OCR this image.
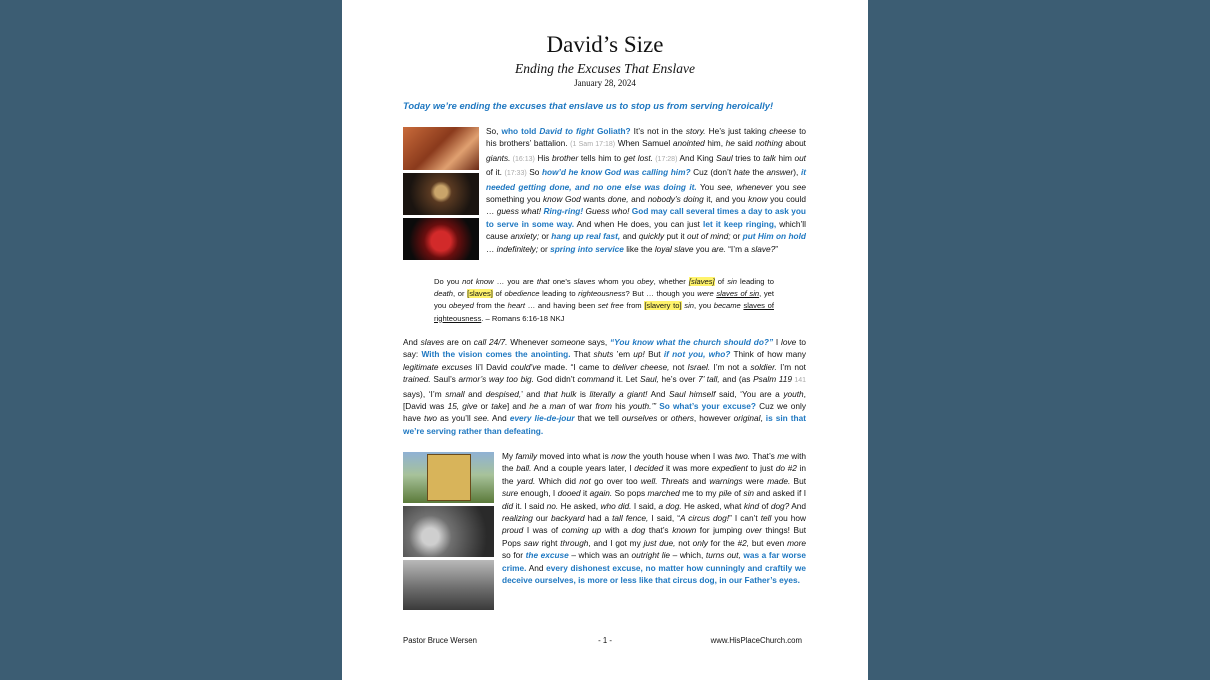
David’s Size
Ending the Excuses That Enslave
January 28, 2024
Today we’re ending the excuses that enslave us to stop us from serving heroically!
So, who told David to fight Goliath? It’s not in the story. He’s just taking cheese to his brothers’ battalion. (1 Sam 17:18) When Samuel anointed him, he said nothing about giants. (16:13) His brother tells him to get lost. (17:28) And King Saul tries to talk him out of it. (17:33) So how’d he know God was calling him? Cuz (don’t hate the answer), it needed getting done, and no one else was doing it. You see, whenever you see something you know God wants done, and nobody’s doing it, and you know you could … guess what! Ring-ring! Guess who! God may call several times a day to ask you to serve in some way. And when He does, you can just let it keep ringing, which’ll cause anxiety; or hang up real fast, and quickly put it out of mind; or put Him on hold … indefinitely; or spring into service like the loyal slave you are. “I’m a slave?”
Do you not know … you are that one’s slaves whom you obey, whether [slaves] of sin leading to death, or [slaves] of obedience leading to righteousness? But … though you were slaves of sin, yet you obeyed from the heart … and having been set free from [slavery to] sin, you became slaves of righteousness. – Romans 6:16-18 NKJ
And slaves are on call 24/7. Whenever someone says, “You know what the church should do?” I love to say: With the vision comes the anointing. That shuts ’em up! But if not you, who? Think of how many legitimate excuses li’l David could’ve made. “I came to deliver cheese, not Israel. I’m not a soldier. I’m not trained. Saul’s armor’s way too big. God didn’t command it. Let Saul, he’s over 7’ tall, and (as Psalm 119 141 says), ‘I’m small and despised,’ and that hulk is literally a giant! And Saul himself said, ‘You are a youth, [David was 15, give or take] and he a man of war from his youth.’” So what’s your excuse? Cuz we only have two as you’ll see. And every lie-de-jour that we tell ourselves or others, however original, is sin that we’re serving rather than defeating.
My family moved into what is now the youth house when I was two. That’s me with the ball. And a couple years later, I decided it was more expedient to just do #2 in the yard. Which did not go over too well. Threats and warnings were made. But sure enough, I dooed it again. So pops marched me to my pile of sin and asked if I did it. I said no. He asked, who did. I said, a dog. He asked, what kind of dog? And realizing our backyard had a tall fence, I said, “A circus dog!” I can’t tell you how proud I was of coming up with a dog that’s known for jumping over things! But Pops saw right through, and I got my just due, not only for the #2, but even more so for the excuse – which was an outright lie – which, turns out, was a far worse crime. And every dishonest excuse, no matter how cunningly and craftily we deceive ourselves, is more or less like that circus dog, in our Father’s eyes.
Pastor Bruce Wersen	- 1 -	www.HisPlaceChurch.com
